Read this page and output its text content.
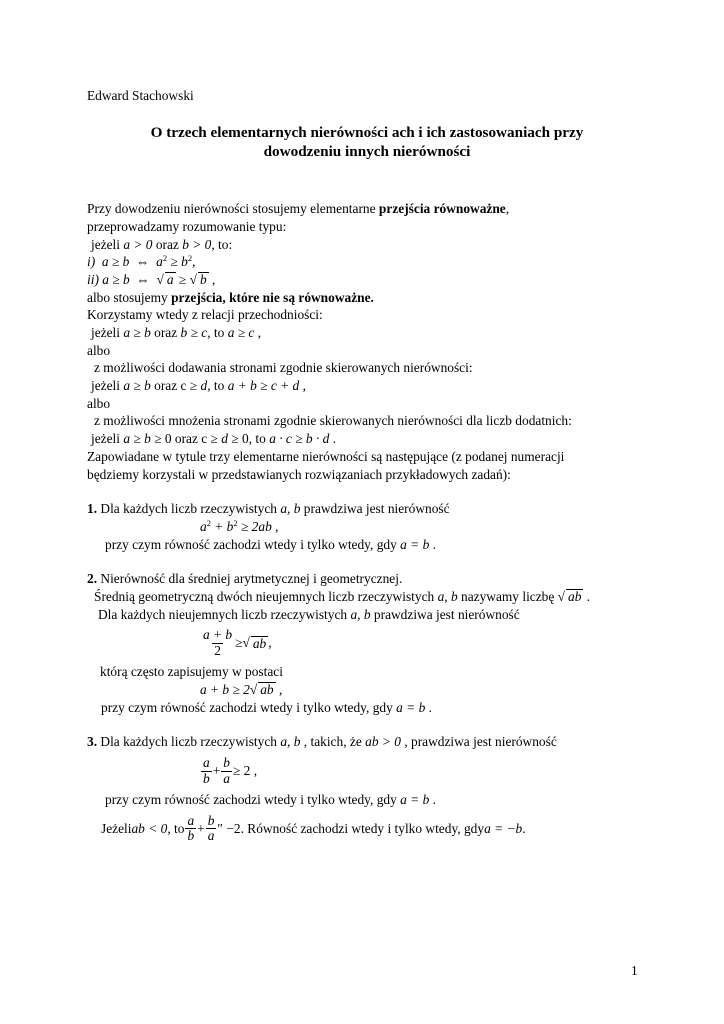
Edward Stachowski

O trzech elementarnych nierówności ach i ich zastosowaniach przy
dowodzeniu innych nierówności
Przy dowodzeniu nierówności stosujemy elementarne przejścia równoważne,
przeprowadzamy rozumowanie typu:
jeżeli a > 0 oraz b > 0, to:
i) a ≥ b ⇔ $a^2 \ge b^2$,
ii) a ≥ b ⇔ √ a ≥ √ b ,
albo stosujemy przejścia, które nie są równoważne.
Korzystamy wtedy z relacji przechodniości:
jeżeli a ≥ b oraz b ≥ c, to a ≥ c ,
albo
z możliwości dodawania stronami zgodnie skierowanych nierówności:
jeżeli a ≥ b oraz c ≥ d, to a + b ≥ c + d ,
albo
z możliwości mnożenia stronami zgodnie skierowanych nierówności dla liczb dodatnich:
jeżeli a ≥ b ≥ 0 oraz c ≥ d ≥ 0, to a · c ≥ b · d .
Zapowiadane w tytule trzy elementarne nierówności są następujące (z podanej numeracji
będziemy korzystali w przedstawianych rozwiązaniach przykładowych zadań):
1. Dla każdych liczb rzeczywistych a, b prawdziwa jest nierówność
$a^2 + b^2 \ge 2ab$ ,
przy czym równość zachodzi wtedy i tylko wtedy, gdy a = b .
2. Nierówność dla średniej arytmetycznej i geometrycznej.
Średnią geometryczną dwóch nieujemnych liczb rzeczywistych a, b nazywamy liczbę √ ab .
Dla każdych nieujemnych liczb rzeczywistych a, b prawdziwa jest nierówność
$\frac{a + b}{2}$ ≥ √ ab ,
którą często zapisujemy w postaci
a + b ≥ 2√ ab ,
przy czym równość zachodzi wtedy i tylko wtedy, gdy a = b .
3. Dla każdych liczb rzeczywistych a, b , takich, że ab > 0 , prawdziwa jest nierówność
$\frac{a}{b} + \frac{b}{a} \ge 2$ ,
przy czym równość zachodzi wtedy i tylko wtedy, gdy a = b .
Jeżeli ab < 0 , to $\frac{a}{b} + \frac{b}{a}$ ″ −2 . Równość zachodzi wtedy i tylko wtedy, gdy a = −b .
1
